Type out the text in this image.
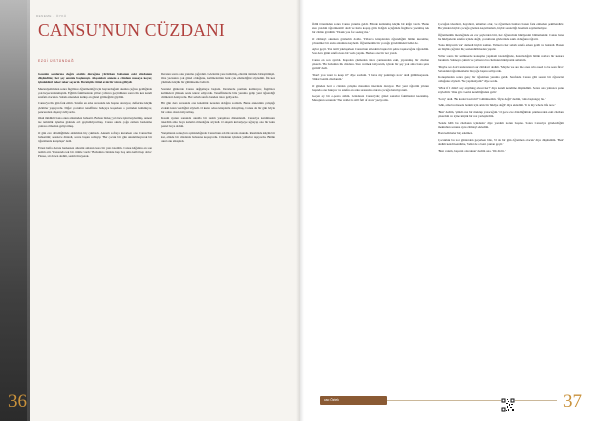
DENEME · ÖYKÜ
CANSU'NUN CÜZDANI
EZGİ ÜSTÜNDAĞ

Gecenin sonlarına doğru otobüs durağına yürürken babamın eski cüzdanını düşündüm; her şey onunla başlamıştı. Akşamları annem o cüzdanı masaya koyar, içindekileri teker teker sayardı. Bu küçük ritüel evde bir tören gibiydi.

Mezuniyetimden sonra İngilizce öğretmenliği için başvurduğum okulun çağrısı geldiğinde çok heyecanlanmıştım. Eğitim fakültesinde yılları yıllarca geçirdikten sonra ilk kez kendi sınıfım olacaktı. Sabah erkenden kalkıp en güzel gömleğimi giydim.

Cansu'yu ilk gün fark ettim. Sınıfın en arka sırasında tek başına oturuyor, defterine küçük çizimler yapıyordu. Diğer çocuklar teneffüste bahçeye koşarken o yerinden kalkmıyor, pencereden dışarıyı izliyordu.

Okul müdürü bana onun ailesinden bahsetti. Babası birkaç yıl önce işini kaybetmiş, annesi ise temizlik işlerine giderek evi geçindiriyormuş. Cansu okula çoğu zaman beslenme çantası olmadan geliyormuş.

O gün eve döndüğümde aklımdan hiç çıkmadı. Annem sofrayı kurarken ona Cansu'dan bahsettim; sessizce dinledi, sonra başını sallayıp 'Her çocuk bir gün unutulmayacak bir öğretmenle karşılaşır' dedi.

Ertesi hafta derste herkesten ailesini anlatan kısa bir yazı istedim. Cansu kâğıdını en son teslim etti. Yazısında tek bir cümle vardı: 'Babamın cüzdanı hep boş ama kalbi hep dolu.' Please, sit down dedim, sesim titreyerek.

Dersten sonra onu yanıma çağırdım. Gözlerini yere indirmiş, ellerini önünde birleştirmişti. Ona yazısının çok güzel olduğunu, kelimelerinin beni çok etkilediğini söyledim. İlk kez yüzünde küçük bir gülümseme belirdi.

Sonraki günlerde Cansu değişmeye başladı. Derslerde parmak kaldırıyor, İngilizce kelimeleri yüksek sesle tekrar ediyordu. Teneffüslerde bile yanıma gelip yeni öğrendiği cümleleri deniyordu. Her sabah sınıfa benden önce geliyordu.

Bir gün ders sırasında ona kalemini nereden aldığını sordum. Bunu annesinin çalıştığı evdeki kızın verdiğini söyledi. O kızın odası kitaplarla doluymuş, Cansu da bir gün böyle bir odası olsun istiyormuş.

Kasım ayının sonunda okulda bir resim yarışması düzenlendi. Cansu'ya katılmasını önerdim ama boya kalemi olmadığını söyledi. O akşam kırtasiyeye uğrayıp ona bir kutu pastel boya aldım.

Yarışmanın sonuçları açıklandığında Cansu'nun adı ilk sırada okundu. Resminde küçük bir kız, elinde bir cüzdanla babasına koşuyordu. Cüzdanın içinden yıldızlar taşıyordu. Bütün okul onu alkışladı.

36

Ödül töreninden sonra Cansu yanıma geldi. Elinde katlanmış küçük bir kâğıt vardı. 'Bunu size yazdım öğretmenim' dedi ve hızla koşup gitti. Kâğıdı açtığımda İngilizce yazılmış tek bir cümle gördüm: 'Thank you for seeing me.'

O cümleyi okurken gözlerim doldu. Yıllarca kitaplardan öğrendiğim bütün kuramlar, yöntemler bir anda anlamını kaybetti. Öğretmenlik bir çocuğu görebilmekti belki de.

Aylar geçti. Yaz tatili yaklaşırken Cansu'nun ailesinin başka bir şehre taşınacağını öğrendim. Son ders günü sınıfta kısa bir veda yaptık. Herkes ona bir not yazdı.

Cansu en son ayrıldı. Kapıdan çıkmadan önce çantasından eski, yıpranmış bir cüzdan çıkardı. 'Bu babamın ilk cüzdanı. Size vermek istiyorum, içinde bir şey yok ama bana şans getirdi' dedi.

'Don't you want to keep it?' diye sordum. 'I have my paintings now' dedi gülümseyerek. 'Onlar benim cüzdanım.'

O günden beri o cüzdan çalışma masamın üzerinde duruyor. Her yeni öğretim yılının başında ona bakıyor ve sınıfın en arka sırasında oturan çocuğu hatırlıyorum.

Geçen ay bir e-posta aldım. Gönderen Cansu'ydu; güzel sanatlar fakültesini kazanmış. Mesajının sonunda 'The wallet is still full of stars' yazıyordu.

Çocuğun idealleri, hayalleri, umutları olur, ve öğretmen bunları bazen fark etmeden şekillendirir. Bu yüzden hiçbir çocuğu gözden kaçırmamalı, hiçbir sessizliği önemsiz saymamalıyız.

Öğretmenlik mesleğinde en zor şeylerden biri, her öğrencinin hikâyesini bilmemektir. Cansu bana bu hikâyelerin sınıfın içinde değil, çocukların gözlerinde saklı olduğunu öğretti.

'Sana ihtiyacım var' demedi hiçbir zaman. Yalnızca her sabah sınıfa erken geldi ve bekledi. Bazen en büyük çağrılar hiç seslendirilmeden yapılır.

Yıllar sonra bir seminerde konuşma yapmam istendiğinde, hazırladığım bütün notları bir kenara bıraktım. Sahneye çıktım ve yalnızca bu cüzdanın hikâyesini anlattım.

'Maybe we don't understand our children' dedim. 'Maybe we are the ones who need to be seen first.' Salondaki öğretmenlerin birçoğu başını sallıyordu.

Konuşmadan sonra genç bir öğretmen yanıma geldi. Sınıfında Cansu gibi sessiz bir öğrencisi olduğunu söyledi. 'Ne yapmalıyım?' diye sordu.

'What if I didn't say anything about her?' diye kendi kendime düşündüm. Sonra ona yalnızca şunu söyledim: 'Onu gör. Gerisi kendiliğinden gelir.'

'Sorry' dedi. 'Bu kadar basit mi?' Gülümsedim. 'Öyle değil' dedim, 'ama başlangıç bu.'

'Ahh, ama bu mesele benim için artık bir hikâye değil' diye ekledim. 'It is my whole life now.'

'Best' dedim, 'şimdi ona bir mektup yazacağım.' O gece eve döndüğümde çekmeceden eski cüzdanı çıkardım ve içine küçük bir not yerleştirdim.

'Sende hâlâ bu cüzdanın içindesin' diye yazdım notun başına. Sonra Cansu'ya gönderdiğim mektubun sonuna aynı cümleyi ekledim.

Bazı kelimeler hiç eskimez.

Çocukluk bu zor günlerden geçerken bile, 'O da bir gün öğretmen olacak' diye düşündüm. 'Best' dedim kendi kendime, 'belki de o beni çoktan geçti.'

'Best canım, başarılı olacaksın' dedim ona. 'We did it.'

cao Öztek	37
